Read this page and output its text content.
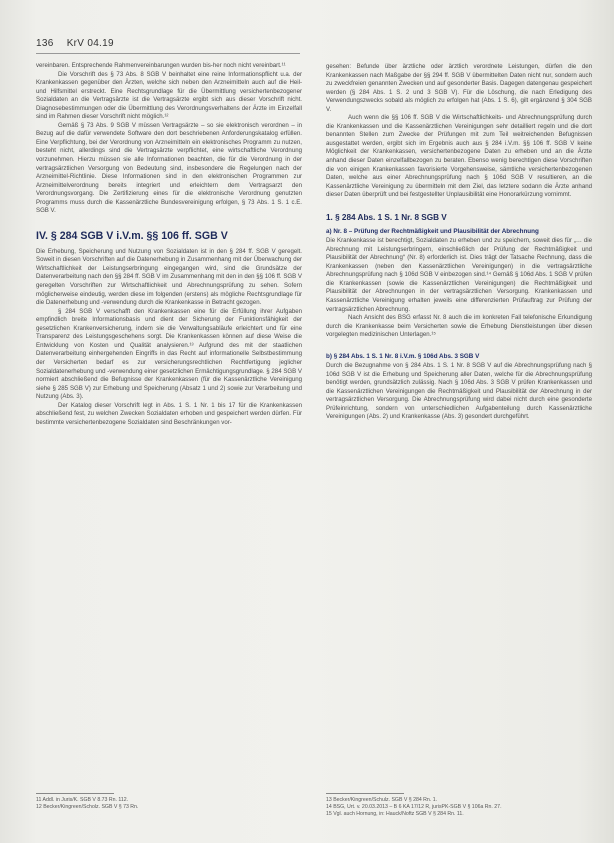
136 KrV 04.19

vereinbaren. Entsprechende Rahmenvereinbarungen wurden bis-her noch nicht vereinbart.¹¹

Die Vorschrift des § 73 Abs. 8 SGB V beinhaltet eine reine Informationspflicht u.a. der Krankenkassen gegenüber den Ärzten, welche sich neben den Arzneimitteln auch auf die Heil- und Hilfsmittel erstreckt. Eine Rechtsgrundlage für die Übermittlung versichertenbezogener Sozialdaten an die Vertragsärzte ist die Vertragsärzte ergibt sich aus dieser Vorschrift nicht. Diagnosebestimmungen oder die Übermittlung des Verordnungsverhaltens der Ärzte im Einzelfall sind im Rahmen dieser Vorschrift nicht möglich.¹²

Gemäß § 73 Abs. 9 SGB V müssen Vertragsärzte – so sie elektronisch verordnen – in Bezug auf die dafür verwendete Software den dort beschriebenen Anforderungskatalog erfüllen. Eine Verpflichtung, bei der Verordnung von Arzneimitteln ein elektronisches Programm zu nutzen, besteht nicht, allerdings sind die Vertragsärzte verpflichtet, eine wirtschaftliche Verordnung vorzunehmen. Hierzu müssen sie alle Informationen beachten, die für die Verordnung in der vertragsärztlichen Versorgung von Bedeutung sind, insbesondere die Regelungen nach der Arzneimittel-Richtlinie. Diese Informationen sind in den elektronischen Programmen zur Arzneimittelverordnung bereits integriert und erleichtern dem Vertragsarzt den Verordnungsvorgang. Die Zertifizierung eines für die elektronische Verordnung genutzten Programms muss durch die Kassenärztliche Bundesvereinigung erfolgen, § 73 Abs. 1 S. 1 c.E. SGB V.

IV. § 284 SGB V i.V.m. §§ 106 ff. SGB V

Die Erhebung, Speicherung und Nutzung von Sozialdaten ist in den § 284 ff. SGB V geregelt. Soweit in diesen Vorschriften auf die Datenerhebung in Zusammenhang mit der Überwachung der Wirtschaftlichkeit der Leistungserbringung eingegangen wird, sind die Grundsätze der Datenverarbeitung nach den §§ 284 ff. SGB V im Zusammenhang mit den in den §§ 106 ff. SGB V geregelten Vorschriften zur Wirtschaftlichkeit und Abrechnungsprüfung zu sehen. Sofern möglicherweise eindeutig, werden diese im folgenden (erstens) als mögliche Rechtsgrundlage für die Datenerhebung und -verwendung durch die Krankenkasse in Betracht gezogen.

§ 284 SGB V verschafft den Krankenkassen eine für die Erfüllung ihrer Aufgaben empfindlich breite Informationsbasis und dient der Sicherung der Funktionsfähigkeit der gesetzlichen Krankenversicherung, indem sie die Verwaltungsabläufe erleichtert und für eine Transparenz des Leistungsgeschehens sorgt. Die Krankenkassen können auf diese Weise die Entwicklung von Kosten und Qualität analysieren.¹³ Aufgrund des mit der staatlichen Datenverarbeitung einhergehenden Eingriffs in das Recht auf informationelle Selbstbestimmung der Versicherten bedarf es zur versicherungsrechtlichen Rechtfertigung jeglicher Sozialdatenerhebung und -verwendung einer gesetzlichen Ermächtigungsgrundlage. § 284 SGB V normiert abschließend die Befugnisse der Krankenkassen (für die Kassenärztliche Vereinigung siehe § 285 SGB V) zur Erhebung und Speicherung (Absatz 1 und 2) sowie zur Verarbeitung und Nutzung (Abs. 3).

Der Katalog dieser Vorschrift legt in Abs. 1 S. 1 Nr. 1 bis 17 für die Krankenkassen abschließend fest, zu welchen Zwecken Sozialdaten erhoben und gespeichert werden dürfen. Für bestimmte versichertenbezogene Sozialdaten sind Beschränkungen vor-

gesehen: Befunde über ärztliche oder ärztlich verordnete Leistungen, dürfen die den Krankenkassen nach Maßgabe der §§ 294 ff. SGB V übermittelten Daten nicht nur, sondern auch zu zweckfreien genannten Zwecken und auf gesonderter Basis. Dagegen datengenau gespeichert werden (§ 284 Abs. 1 S. 2 und 3 SGB V). Für die Löschung, die nach Erledigung des Verwendungszwecks sobald als möglich zu erfolgen hat (Abs. 1 S. 6), gilt ergänzend § 304 SGB V.

Auch wenn die §§ 106 ff. SGB V die Wirtschaftlichkeits- und Abrechnungsprüfung durch die Krankenkassen und die Kassenärztlichen Vereinigungen sehr detailliert regeln und die dort benannten Stellen zum Zwecke der Prüfungen mit zum Teil weitreichenden Befugnissen ausgestattet werden, ergibt sich im Ergebnis auch aus § 284 i.V.m. §§ 106 ff. SGB V keine Möglichkeit der Krankenkassen, versichertenbezogene Daten zu erheben und an die Ärzte anhand dieser Daten einzelfallbezogen zu beraten. Ebenso wenig berechtigen diese Vorschriften die von einigen Krankenkassen favorisierte Vorgehensweise, sämtliche versichertenbezogenen Daten, welche aus einer Abrechnungsprüfung nach § 106d SGB V resultieren, an die Kassenärztliche Vereinigung zu übermitteln mit dem Ziel, das letztere sodann die Ärzte anhand dieser Daten überprüft und bei festgestellter Unplausibilität eine Honorarkürzung vornimmt.

1. § 284 Abs. 1 S. 1 Nr. 8 SGB V
a) Nr. 8 – Prüfung der Rechtmäßigkeit und Plausibilität der Abrechnung

Die Krankenkasse ist berechtigt, Sozialdaten zu erheben und zu speichern, soweit dies für „… die Abrechnung mit Leistungserbringern, einschließlich der Prüfung der Rechtmäßigkeit und Plausibilität der Abrechnung“ (Nr. 8) erforderlich ist. Dies trägt der Tatsache Rechnung, dass die Krankenkassen (neben den Kassenärztlichen Vereinigungen) in die vertragsärztliche Abrechnungsprüfung nach § 106d SGB V einbezogen sind.¹⁴ Gemäß § 106d Abs. 1 SGB V prüfen die Krankenkassen (sowie die Kassenärztlichen Vereinigungen) die Rechtmäßigkeit und Plausibilität der Abrechnungen in der vertragsärztlichen Versorgung. Krankenkassen und Kassenärztliche Vereinigung erhalten jeweils eine differenzierten Prüfauftrag zur Prüfung der vertragsärztlichen Abrechnung.

Nach Ansicht des BSG erfasst Nr. 8 auch die im konkreten Fall telefonische Erkundigung durch die Krankenkasse beim Versicherten sowie die Erhebung Dienstleistungen über diesen vorgelegten medizinischen Unterlagen.¹⁵

b) § 284 Abs. 1 S. 1 Nr. 8 i.V.m. § 106d Abs. 3 SGB V

Durch die Bezugnahme von § 284 Abs. 1 S. 1 Nr. 8 SGB V auf die Abrechnungsprüfung nach § 106d SGB V ist die Erhebung und Speicherung aller Daten, welche für die Abrechnungsprüfung benötigt werden, grundsätzlich zulässig. Nach § 106d Abs. 3 SGB V prüfen Krankenkassen und die Kassenärztlichen Vereinigungen die Rechtmäßigkeit und Plausibilität der Abrechnung in der vertragsärztlichen Versorgung. Die Abrechnungsprüfung wird dabei nicht durch eine gesonderte Prüfeinrichtung, sondern von unterschiedlichen Aufgabenteilung durch Kassenärztliche Vereinigungen (Abs. 2) und Krankenkasse (Abs. 3) gesondert durchgeführt.

11 Addl. in Juris/K. SGB V 8.73 Rn. 112.

12 Becker/Kingreen/Scholz. SGB V § 73 Rn.

13 Becker/Kingreen/Schulz. SGB V § 284 Rn. 1.

14 BSG, Urt. v. 20.03.2013 – B 6 KA 17/12 R, jurisPK-SGB V § 106a Rn. 27.

15 Vgl. auch Hornung, in: Hauck/Noftz SGB V § 284 Rn. 11.
